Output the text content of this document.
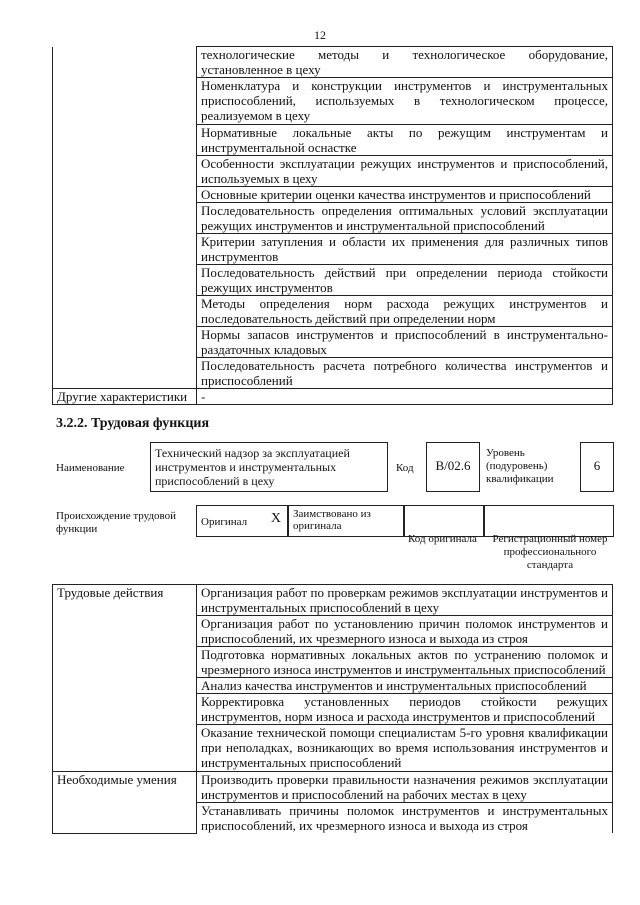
12
	технологические методы и технологическое оборудование, установленное в цеху
	Номенклатура и конструкции инструментов и инструментальных приспособлений, используемых в технологическом процессе, реализуемом в цеху
	Нормативные локальные акты по режущим инструментам и инструментальной оснастке
	Особенности эксплуатации режущих инструментов и приспособлений, используемых в цеху
	Основные критерии оценки качества инструментов и приспособлений
	Последовательность определения оптимальных условий эксплуатации режущих инструментов и инструментальной приспособлений
	Критерии затупления и области их применения для различных типов инструментов
	Последовательность действий при определении периода стойкости режущих инструментов
	Методы определения норм расхода режущих инструментов и последовательность действий при определении норм
	Нормы запасов инструментов и приспособлений в инструментально-раздаточных кладовых
	Последовательность расчета потребного количества инструментов и приспособлений
Другие характеристики	-
3.2.2. Трудовая функция
Наименование
Технический надзор за эксплуатацией инструментов и инструментальных приспособлений в цеху
Код	B/02.6
Уровень (подуровень) квалификации
6
Происхождение трудовой функции
Оригинал X	Заимствовано из оригинала
Код оригинала	Регистрационный номер профессионального стандарта
Трудовые действия	Организация работ по проверкам режимов эксплуатации инструментов и инструментальных приспособлений в цеху
	Организация работ по установлению причин поломок инструментов и приспособлений, их чрезмерного износа и выхода из строя
	Подготовка нормативных локальных актов по устранению поломок и чрезмерного износа инструментов и инструментальных приспособлений
	Анализ качества инструментов и инструментальных приспособлений
	Корректировка установленных периодов стойкости режущих инструментов, норм износа и расхода инструментов и приспособлений
	Оказание технической помощи специалистам 5-го уровня квалификации при неполадках, возникающих во время использования инструментов и инструментальных приспособлений
Необходимые умения	Производить проверки правильности назначения режимов эксплуатации инструментов и приспособлений на рабочих местах в цеху
	Устанавливать причины поломок инструментов и инструментальных приспособлений, их чрезмерного износа и выхода из строя
